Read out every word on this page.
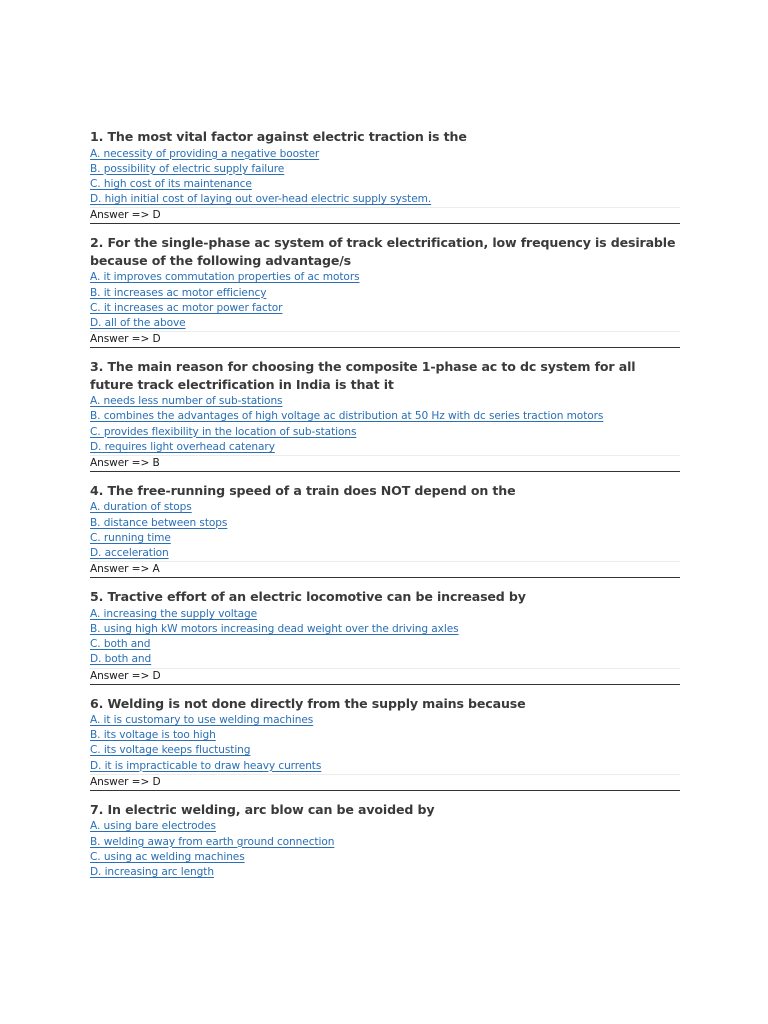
1. The most vital factor against electric traction is the
A. necessity of providing a negative booster
B. possibility of electric supply failure
C. high cost of its maintenance
D. high initial cost of laying out over-head electric supply system.
Answer => D
2. For the single-phase ac system of track electrification, low frequency is desirable because of the following advantage/s
A. it improves commutation properties of ac motors
B. it increases ac motor efficiency
C. it increases ac motor power factor
D. all of the above
Answer => D
3. The main reason for choosing the composite 1-phase ac to dc system for all future track electrification in India is that it
A. needs less number of sub-stations
B. combines the advantages of high voltage ac distribution at 50 Hz with dc series traction motors
C. provides flexibility in the location of sub-stations
D. requires light overhead catenary
Answer => B
4. The free-running speed of a train does NOT depend on the
A. duration of stops
B. distance between stops
C. running time
D. acceleration
Answer => A
5. Tractive effort of an electric locomotive can be increased by
A. increasing the supply voltage
B. using high kW motors increasing dead weight over the driving axles
C. both and
D. both and
Answer => D
6. Welding is not done directly from the supply mains because
A. it is customary to use welding machines
B. its voltage is too high
C. its voltage keeps fluctusting
D. it is impracticable to draw heavy currents
Answer => D
7. In electric welding, arc blow can be avoided by
A. using bare electrodes
B. welding away from earth ground connection
C. using ac welding machines
D. increasing arc length
